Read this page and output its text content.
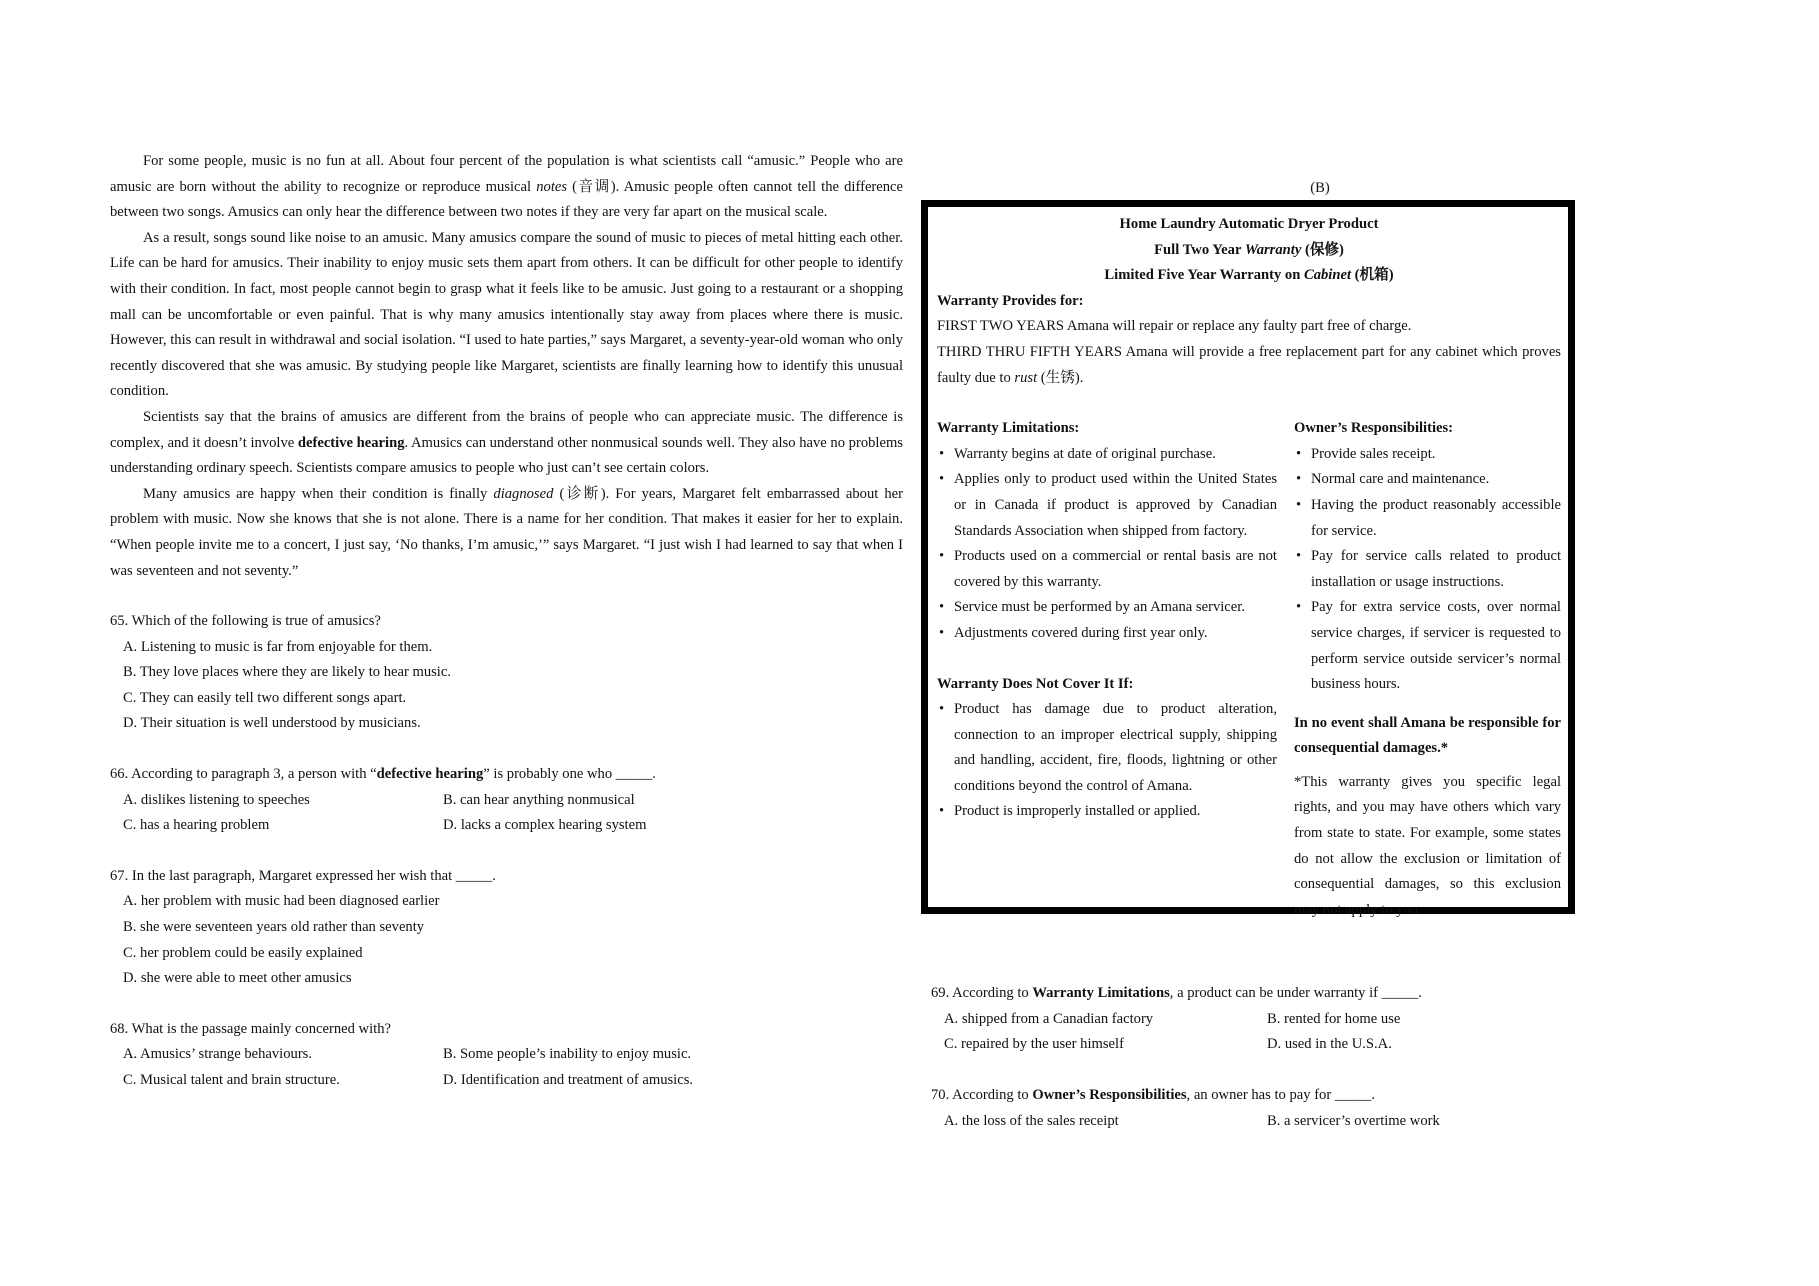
For some people, music is no fun at all. About four percent of the population is what scientists call “amusic.” People who are amusic are born without the ability to recognize or reproduce musical notes (音调). Amusic people often cannot tell the difference between two songs. Amusics can only hear the difference between two notes if they are very far apart on the musical scale.

As a result, songs sound like noise to an amusic. Many amusics compare the sound of music to pieces of metal hitting each other. Life can be hard for amusics. Their inability to enjoy music sets them apart from others. It can be difficult for other people to identify with their condition. In fact, most people cannot begin to grasp what it feels like to be amusic. Just going to a restaurant or a shopping mall can be uncomfortable or even painful. That is why many amusics intentionally stay away from places where there is music. However, this can result in withdrawal and social isolation. “I used to hate parties,” says Margaret, a seventy-year-old woman who only recently discovered that she was amusic. By studying people like Margaret, scientists are finally learning how to identify this unusual condition.

Scientists say that the brains of amusics are different from the brains of people who can appreciate music. The difference is complex, and it doesn’t involve defective hearing. Amusics can understand other nonmusical sounds well. They also have no problems understanding ordinary speech. Scientists compare amusics to people who just can’t see certain colors.

Many amusics are happy when their condition is finally diagnosed (诊断). For years, Margaret felt embarrassed about her problem with music. Now she knows that she is not alone. There is a name for her condition. That makes it easier for her to explain. “When people invite me to a concert, I just say, ‘No thanks, I’m amusic,’” says Margaret. “I just wish I had learned to say that when I was seventeen and not seventy.”

65. Which of the following is true of amusics?

A. Listening to music is far from enjoyable for them.
B. They love places where they are likely to hear music.
C. They can easily tell two different songs apart.
D. Their situation is well understood by musicians.

66. According to paragraph 3, a person with “defective hearing” is probably one who _____.

A. dislikes listening to speeches	B. can hear anything nonmusical
C. has a hearing problem	D. lacks a complex hearing system

67. In the last paragraph, Margaret expressed her wish that _____.

A. her problem with music had been diagnosed earlier
B. she were seventeen years old rather than seventy
C. her problem could be easily explained
D. she were able to meet other amusics

68. What is the passage mainly concerned with?

A. Amusics’ strange behaviours.	B. Some people’s inability to enjoy music.
C. Musical talent and brain structure.	D. Identification and treatment of amusics.

(B)

Home Laundry Automatic Dryer Product

Full Two Year Warranty (保修)

Limited Five Year Warranty on Cabinet (机箱)

Warranty Provides for:

FIRST TWO YEARS Amana will repair or replace any faulty part free of charge.

THIRD THRU FIFTH YEARS Amana will provide a free replacement part for any cabinet which proves faulty due to rust (生锈).

Warranty Limitations:

• Warranty begins at date of original purchase.
• Applies only to product used within the United States or in Canada if product is approved by Canadian Standards Association when shipped from factory.
• Products used on a commercial or rental basis are not covered by this warranty.
• Service must be performed by an Amana servicer.
• Adjustments covered during first year only.

Warranty Does Not Cover It If:

• Product has damage due to product alteration, connection to an improper electrical supply, shipping and handling, accident, fire, floods, lightning or other conditions beyond the control of Amana.
• Product is improperly installed or applied.

Owner’s Responsibilities:

• Provide sales receipt.
• Normal care and maintenance.
• Having the product reasonably accessible for service.
• Pay for service calls related to product installation or usage instructions.
• Pay for extra service costs, over normal service charges, if servicer is requested to perform service outside servicer’s normal business hours.

In no event shall Amana be responsible for consequential damages.*

*This warranty gives you specific legal rights, and you may have others which vary from state to state. For example, some states do not allow the exclusion or limitation of consequential damages, so this exclusion may not apply to you.

69. According to Warranty Limitations, a product can be under warranty if _____.

A. shipped from a Canadian factory	B. rented for home use
C. repaired by the user himself	D. used in the U.S.A.

70. According to Owner’s Responsibilities, an owner has to pay for _____.

A. the loss of the sales receipt	B. a servicer’s overtime work
